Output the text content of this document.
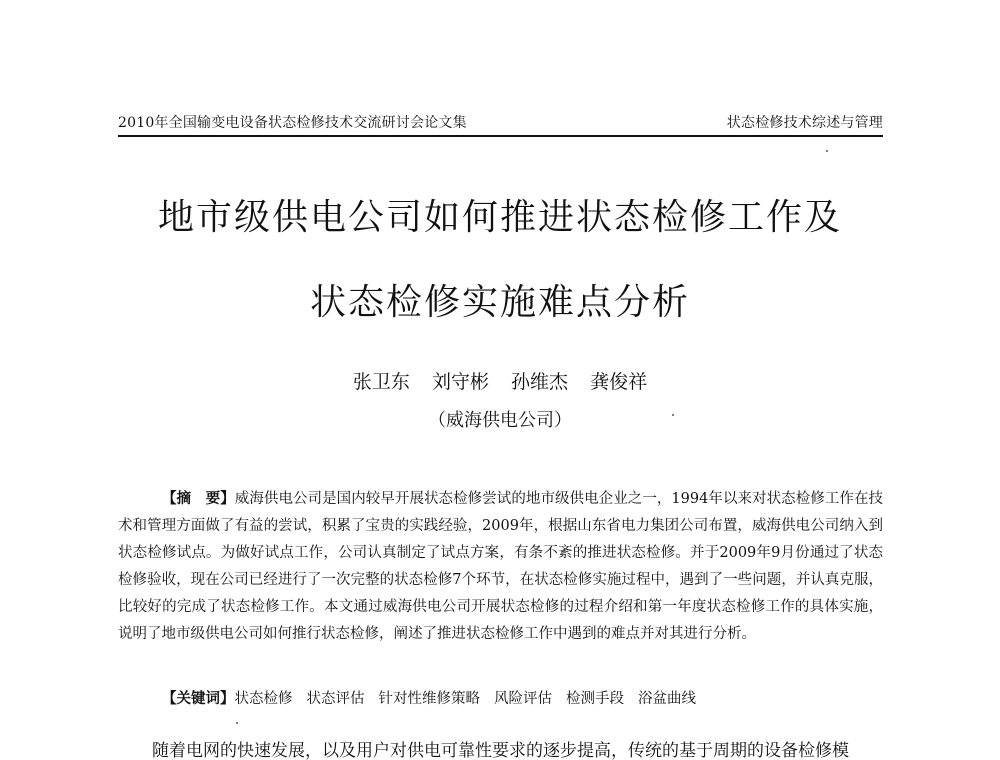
2010年全国输变电设备状态检修技术交流研讨会论文集	状态检修技术综述与管理
地市级供电公司如何推进状态检修工作及
状态检修实施难点分析
张卫东 刘守彬 孙维杰 龚俊祥
（威海供电公司）
【摘　要】威海供电公司是国内较早开展状态检修尝试的地市级供电企业之一，1994年以来对状态检修工作在技术和管理方面做了有益的尝试，积累了宝贵的实践经验，2009年，根据山东省电力集团公司布置，威海供电公司纳入到状态检修试点。为做好试点工作，公司认真制定了试点方案，有条不紊的推进状态检修。并于2009年9月份通过了状态检修验收，现在公司已经进行了一次完整的状态检修7个环节，在状态检修实施过程中，遇到了一些问题，并认真克服，比较好的完成了状态检修工作。本文通过威海供电公司开展状态检修的过程介绍和第一年度状态检修工作的具体实施，说明了地市级供电公司如何推行状态检修，阐述了推进状态检修工作中遇到的难点并对其进行分析。
【关键词】状态检修 状态评估 针对性维修策略 风险评估 检测手段 浴盆曲线
随着电网的快速发展，以及用户对供电可靠性要求的逐步提高，传统的基于周期的设备检修模
